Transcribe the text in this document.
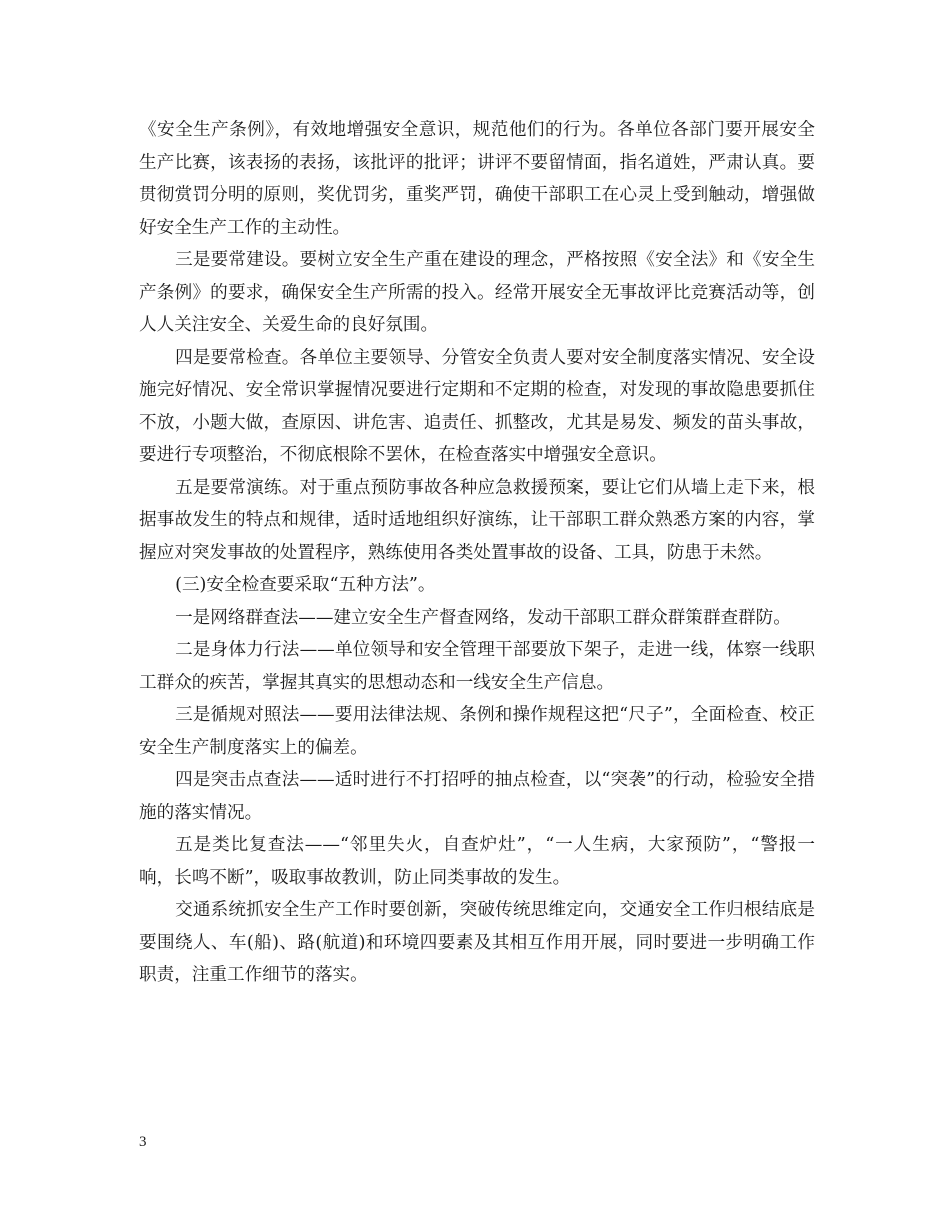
《安全生产条例》，有效地增强安全意识，规范他们的行为。各单位各部门要开展安全生产比赛，该表扬的表扬，该批评的批评；讲评不要留情面，指名道姓，严肃认真。要贯彻赏罚分明的原则，奖优罚劣，重奖严罚，确使干部职工在心灵上受到触动，增强做好安全生产工作的主动性。

三是要常建设。要树立安全生产重在建设的理念，严格按照《安全法》和《安全生产条例》的要求，确保安全生产所需的投入。经常开展安全无事故评比竞赛活动等，创人人关注安全、关爱生命的良好氛围。

四是要常检查。各单位主要领导、分管安全负责人要对安全制度落实情况、安全设施完好情况、安全常识掌握情况要进行定期和不定期的检查，对发现的事故隐患要抓住不放，小题大做，查原因、讲危害、追责任、抓整改，尤其是易发、频发的苗头事故，要进行专项整治，不彻底根除不罢休，在检查落实中增强安全意识。

五是要常演练。对于重点预防事故各种应急救援预案，要让它们从墙上走下来，根据事故发生的特点和规律，适时适地组织好演练，让干部职工群众熟悉方案的内容，掌握应对突发事故的处置程序，熟练使用各类处置事故的设备、工具，防患于未然。

(三)安全检查要采取“五种方法”。

一是网络群查法——建立安全生产督查网络，发动干部职工群众群策群查群防。

二是身体力行法——单位领导和安全管理干部要放下架子，走进一线，体察一线职工群众的疾苦，掌握其真实的思想动态和一线安全生产信息。

三是循规对照法——要用法律法规、条例和操作规程这把“尺子”，全面检查、校正安全生产制度落实上的偏差。

四是突击点查法——适时进行不打招呼的抽点检查，以“突袭”的行动，检验安全措施的落实情况。

五是类比复查法——“邻里失火，自查炉灶”，“一人生病，大家预防”，“警报一响，长鸣不断”，吸取事故教训，防止同类事故的发生。

交通系统抓安全生产工作时要创新，突破传统思维定向，交通安全工作归根结底是要围绕人、车(船)、路(航道)和环境四要素及其相互作用开展，同时要进一步明确工作职责，注重工作细节的落实。

3
